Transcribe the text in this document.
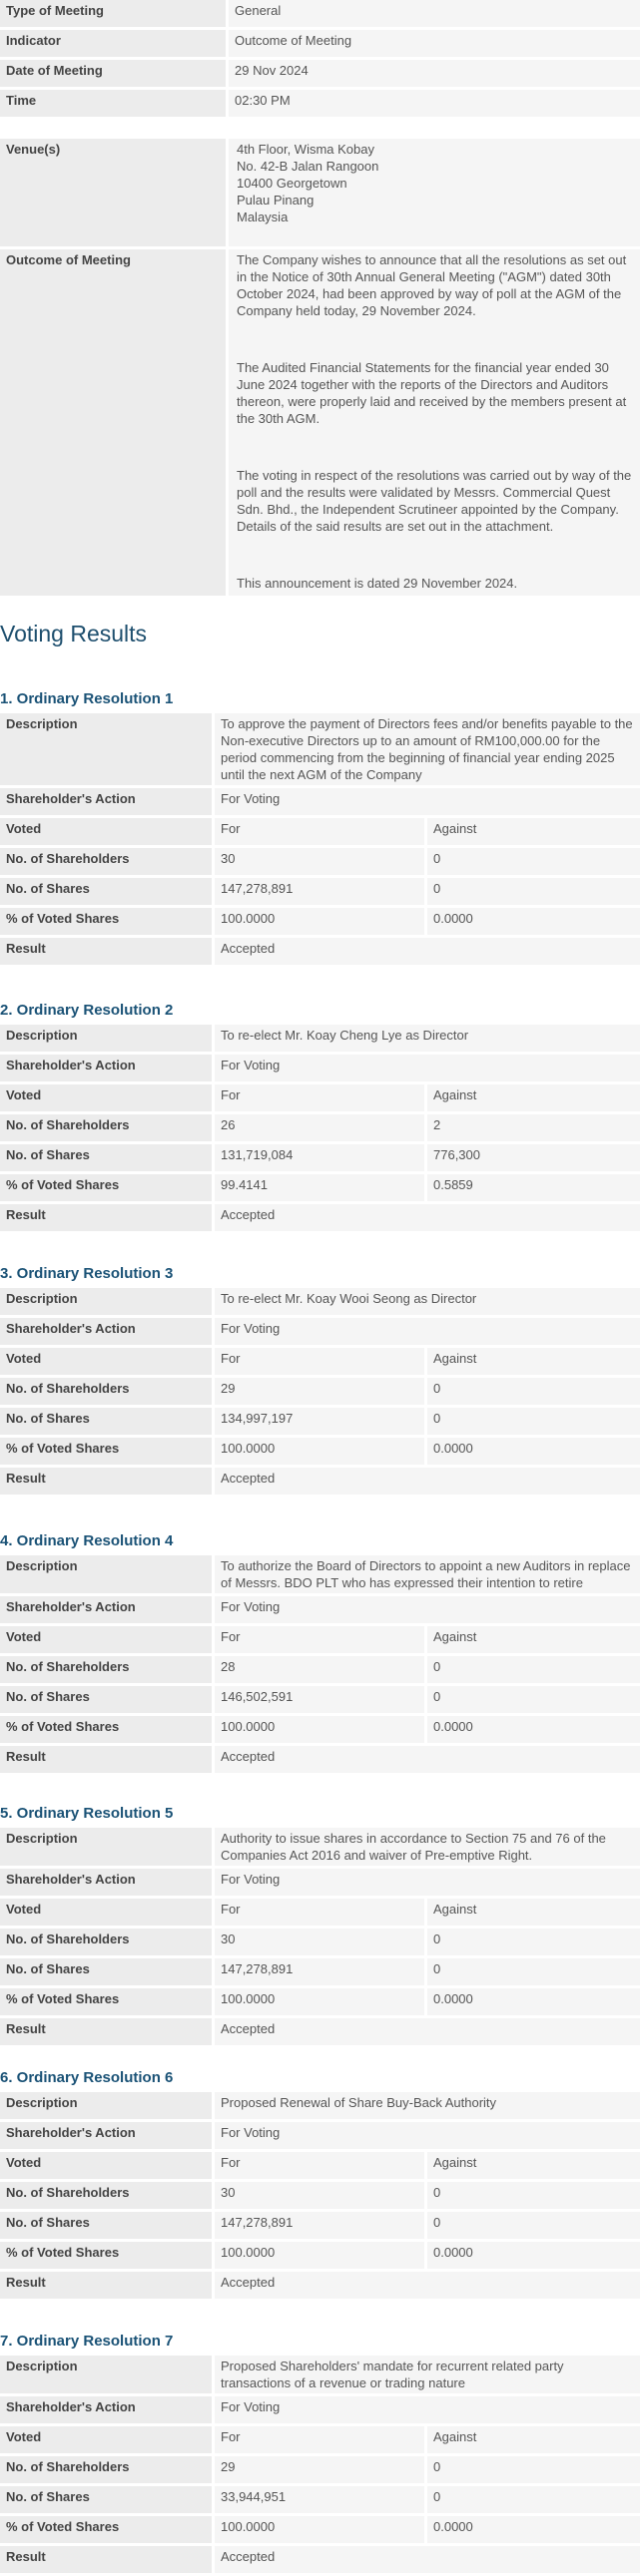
Type of Meeting	General
Indicator	Outcome of Meeting
Date of Meeting	29 Nov 2024
Time	02:30 PM
Venue(s)	4th Floor, Wisma Kobay
No. 42-B Jalan Rangoon
10400 Georgetown
Pulau Pinang
Malaysia

Outcome of Meeting	The Company wishes to announce that all the resolutions as set out in the Notice of 30th Annual General Meeting ("AGM") dated 30th October 2024, had been approved by way of poll at the AGM of the Company held today, 29 November 2024.

The Audited Financial Statements for the financial year ended 30 June 2024 together with the reports of the Directors and Auditors thereon, were properly laid and received by the members present at the 30th AGM.

The voting in respect of the resolutions was carried out by way of the poll and the results were validated by Messrs. Commercial Quest Sdn. Bhd., the Independent Scrutineer appointed by the Company. Details of the said results are set out in the attachment.

This announcement is dated 29 November 2024.

Voting Results
1. Ordinary Resolution 1
Description	To approve the payment of Directors fees and/or benefits payable to the Non-executive Directors up to an amount of RM100,000.00 for the period commencing from the beginning of financial year ending 2025 until the next AGM of the Company	
Shareholder's Action	For Voting	
Voted	For	Against
No. of Shareholders	30	0
No. of Shares	147,278,891	0
% of Voted Shares	100.0000	0.0000
Result	Accepted	
2. Ordinary Resolution 2
Description	To re-elect Mr. Koay Cheng Lye as Director	
Shareholder's Action	For Voting	
Voted	For	Against
No. of Shareholders	26	2
No. of Shares	131,719,084	776,300
% of Voted Shares	99.4141	0.5859
Result	Accepted	
3. Ordinary Resolution 3
Description	To re-elect Mr. Koay Wooi Seong as Director	
Shareholder's Action	For Voting	
Voted	For	Against
No. of Shareholders	29	0
No. of Shares	134,997,197	0
% of Voted Shares	100.0000	0.0000
Result	Accepted	
4. Ordinary Resolution 4
Description	To authorize the Board of Directors to appoint a new Auditors in replace of Messrs. BDO PLT who has expressed their intention to retire	
Shareholder's Action	For Voting	
Voted	For	Against
No. of Shareholders	28	0
No. of Shares	146,502,591	0
% of Voted Shares	100.0000	0.0000
Result	Accepted	
5. Ordinary Resolution 5
Description	Authority to issue shares in accordance to Section 75 and 76 of the Companies Act 2016 and waiver of Pre-emptive Right.	
Shareholder's Action	For Voting	
Voted	For	Against
No. of Shareholders	30	0
No. of Shares	147,278,891	0
% of Voted Shares	100.0000	0.0000
Result	Accepted	
6. Ordinary Resolution 6
Description	Proposed Renewal of Share Buy-Back Authority	
Shareholder's Action	For Voting	
Voted	For	Against
No. of Shareholders	30	0
No. of Shares	147,278,891	0
% of Voted Shares	100.0000	0.0000
Result	Accepted	
7. Ordinary Resolution 7
Description	Proposed Shareholders' mandate for recurrent related party transactions of a revenue or trading nature	
Shareholder's Action	For Voting	
Voted	For	Against
No. of Shareholders	29	0
No. of Shares	33,944,951	0
% of Voted Shares	100.0000	0.0000
Result	Accepted	
